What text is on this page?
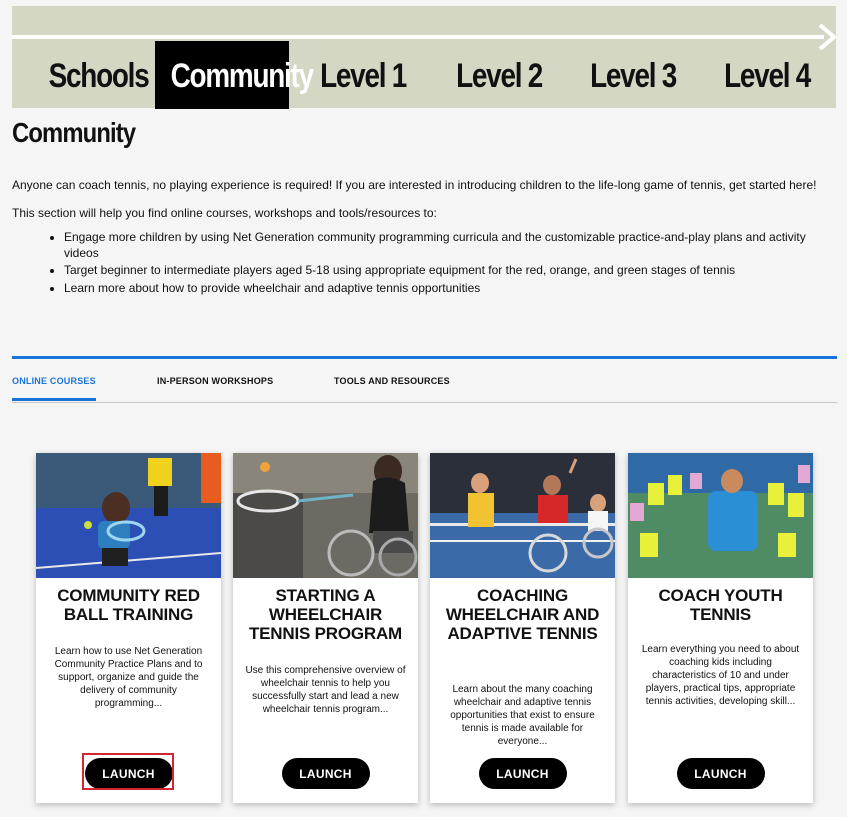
Schools Community Level 1 Level 2 Level 3 Level 4
Community

Anyone can coach tennis, no playing experience is required! If you are interested in introducing children to the life-long game of tennis, get started here!

This section will help you find online courses, workshops and tools/resources to:

• Engage more children by using Net Generation community programming curricula and the customizable practice-and-play plans and activity videos
• Target beginner to intermediate players aged 5-18 using appropriate equipment for the red, orange, and green stages of tennis
• Learn more about how to provide wheelchair and adaptive tennis opportunities
ONLINE COURSES	IN-PERSON WORKSHOPS	TOOLS AND RESOURCES
COMMUNITY RED BALL TRAINING
Learn how to use Net Generation Community Practice Plans and to support, organize and guide the delivery of community programming...
LAUNCH
STARTING A WHEELCHAIR TENNIS PROGRAM
Use this comprehensive overview of wheelchair tennis to help you successfully start and lead a new wheelchair tennis program...
LAUNCH
COACHING WHEELCHAIR AND ADAPTIVE TENNIS
Learn about the many coaching wheelchair and adaptive tennis opportunities that exist to ensure tennis is made available for everyone...
LAUNCH
COACH YOUTH TENNIS
Learn everything you need to about coaching kids including characteristics of 10 and under players, practical tips, appropriate tennis activities, developing skill...
LAUNCH
